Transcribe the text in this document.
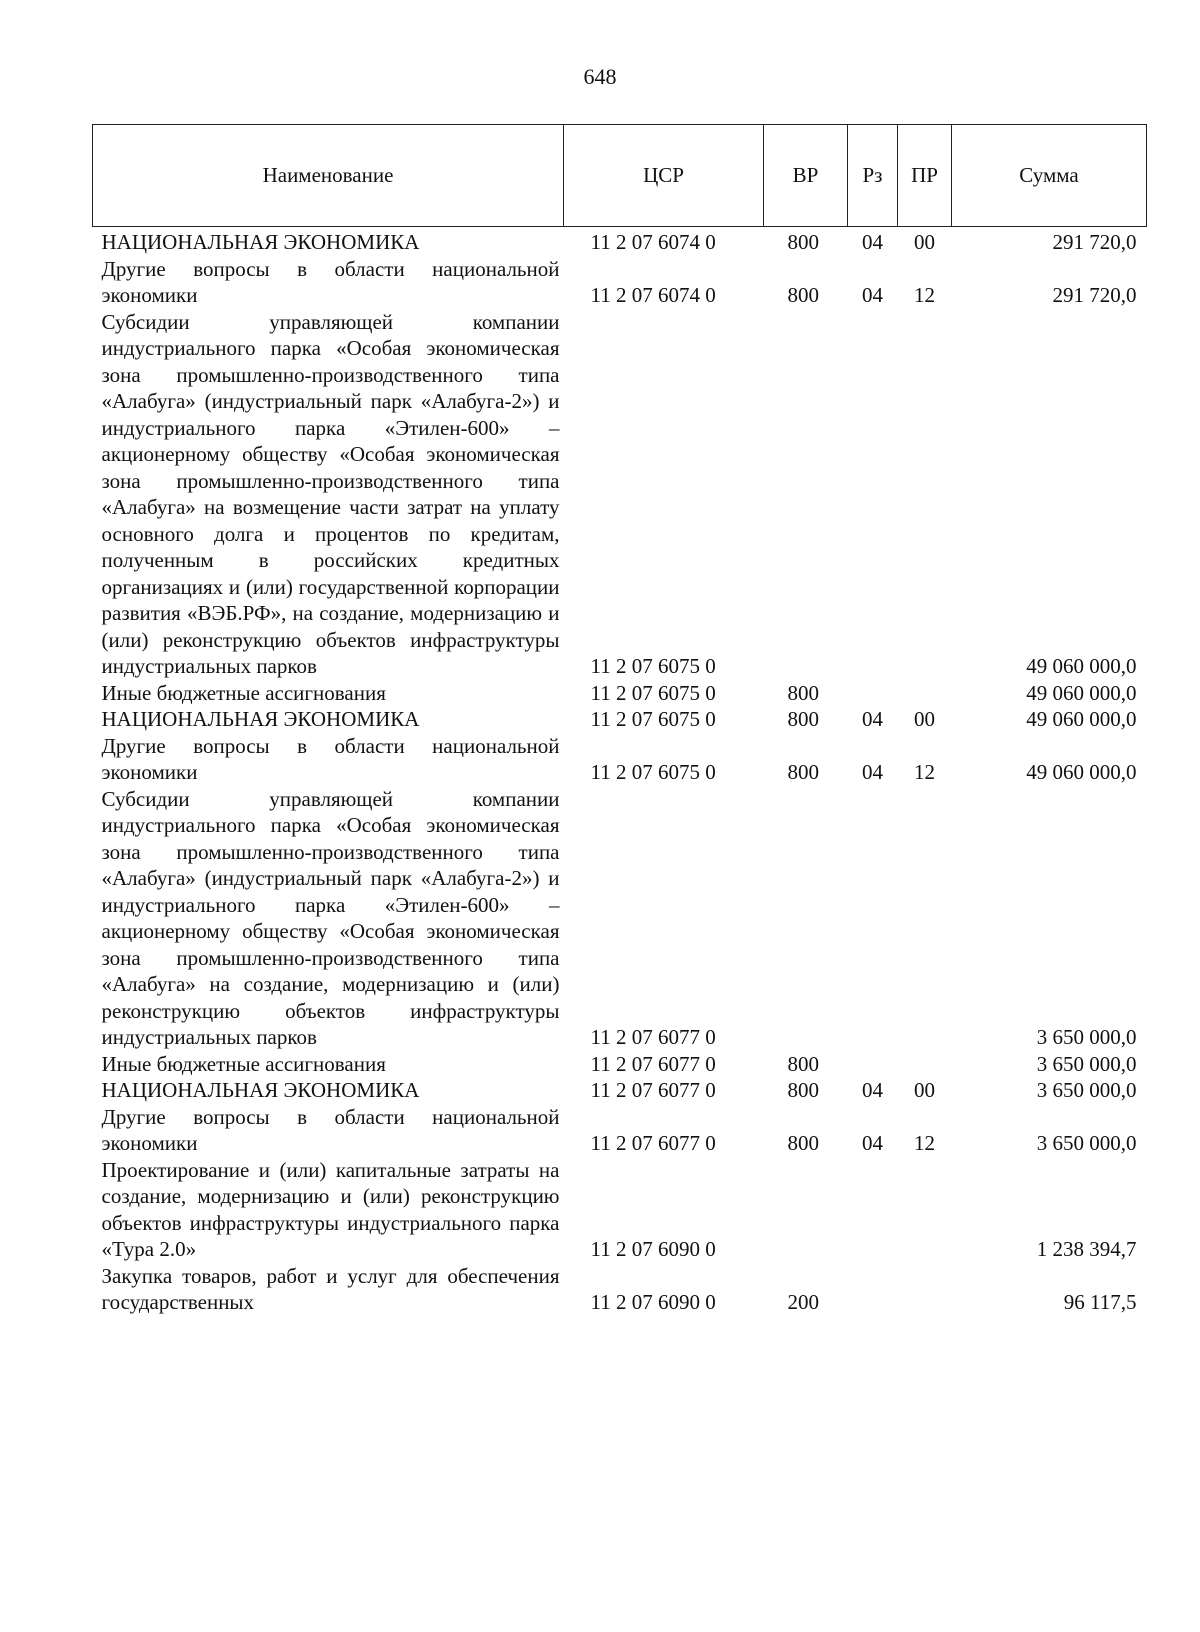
648
Наименование	ЦСР	ВР	Рз	ПР	Сумма
НАЦИОНАЛЬНАЯ ЭКОНОМИКА	11 2 07 6074 0	800	04	00	291 720,0
Другие вопросы в области национальной экономики	11 2 07 6074 0	800	04	12	291 720,0
Субсидии управляющей компании индустриального парка «Особая экономическая зона промышленно-производственного типа «Алабуга» (индустриальный парк «Алабуга-2») и индустриального парка «Этилен-600» – акционерному обществу «Особая экономическая зона промышленно-производственного типа «Алабуга» на возмещение части затрат на уплату основного долга и процентов по кредитам, полученным в российских кредитных организациях и (или) государственной корпорации развития «ВЭБ.РФ», на создание, модернизацию и (или) реконструкцию объектов инфраструктуры индустриальных парков	11 2 07 6075 0				49 060 000,0
Иные бюджетные ассигнования	11 2 07 6075 0	800			49 060 000,0
НАЦИОНАЛЬНАЯ ЭКОНОМИКА	11 2 07 6075 0	800	04	00	49 060 000,0
Другие вопросы в области национальной экономики	11 2 07 6075 0	800	04	12	49 060 000,0
Субсидии управляющей компании индустриального парка «Особая экономическая зона промышленно-производственного типа «Алабуга» (индустриальный парк «Алабуга-2») и индустриального парка «Этилен-600» – акционерному обществу «Особая экономическая зона промышленно-производственного типа «Алабуга» на создание, модернизацию и (или) реконструкцию объектов инфраструктуры индустриальных парков	11 2 07 6077 0				3 650 000,0
Иные бюджетные ассигнования	11 2 07 6077 0	800			3 650 000,0
НАЦИОНАЛЬНАЯ ЭКОНОМИКА	11 2 07 6077 0	800	04	00	3 650 000,0
Другие вопросы в области национальной экономики	11 2 07 6077 0	800	04	12	3 650 000,0
Проектирование и (или) капитальные затраты на создание, модернизацию и (или) реконструкцию объектов инфраструктуры индустриального парка «Тура 2.0»	11 2 07 6090 0				1 238 394,7
Закупка товаров, работ и услуг для обеспечения государственных	11 2 07 6090 0	200			96 117,5
